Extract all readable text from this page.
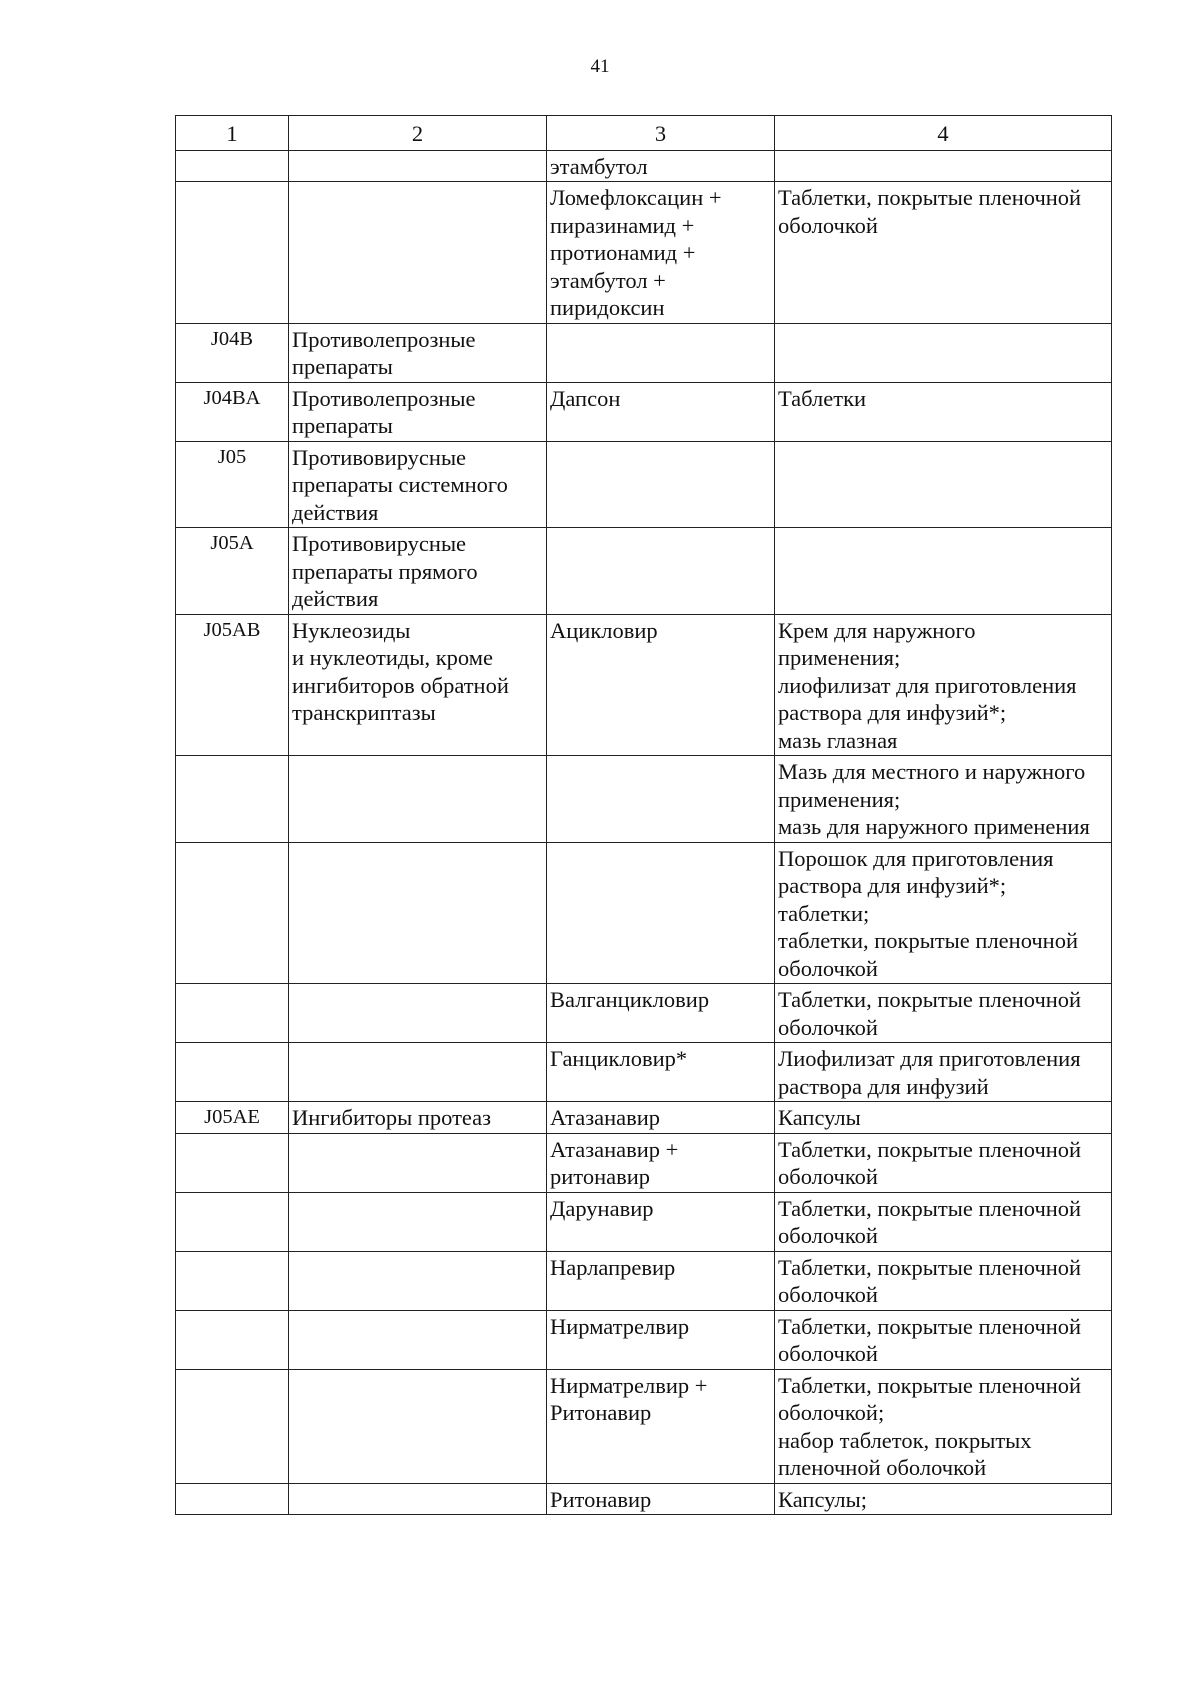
41
1	2	3	4
		этамбутол	
		Ломефлоксацин +
пиразинамид +
протионамид +
этамбутол +
пиридоксин	Таблетки, покрытые пленочной
оболочкой
J04B	Противолепрозные
препараты		
J04BA	Противолепрозные
препараты	Дапсон	Таблетки
J05	Противовирусные
препараты системного
действия		
J05A	Противовирусные
препараты прямого
действия		
J05AB	Нуклеозиды
и нуклеотиды, кроме
ингибиторов обратной
транскриптазы	Ацикловир	Крем для наружного
применения;
лиофилизат для приготовления
раствора для инфузий*;
мазь глазная
			Мазь для местного и наружного
применения;
мазь для наружного применения
			Порошок для приготовления
раствора для инфузий*;
таблетки;
таблетки, покрытые пленочной
оболочкой
		Валганцикловир	Таблетки, покрытые пленочной
оболочкой
		Ганцикловир*	Лиофилизат для приготовления
раствора для инфузий
J05AE	Ингибиторы протеаз	Атазанавир	Капсулы
		Атазанавир +
ритонавир	Таблетки, покрытые пленочной
оболочкой
		Дарунавир	Таблетки, покрытые пленочной
оболочкой
		Нарлапревир	Таблетки, покрытые пленочной
оболочкой
		Нирматрелвир	Таблетки, покрытые пленочной
оболочкой
		Нирматрелвир +
Ритонавир	Таблетки, покрытые пленочной
оболочкой;
набор таблеток, покрытых
пленочной оболочкой
		Ритонавир	Капсулы;
